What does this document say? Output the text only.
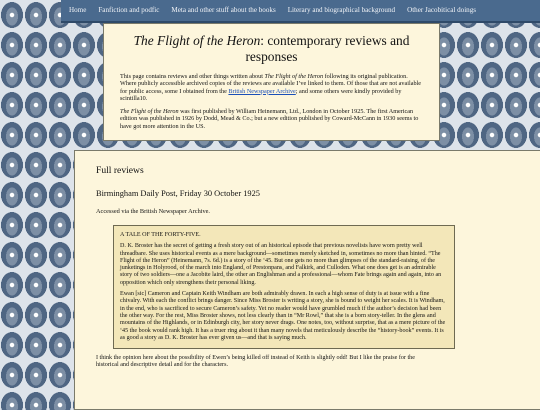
Home	Fanfiction and podfic	Meta and other stuff about the books	Literary and biographical background	Other Jacobitical doings
The Flight of the Heron: contemporary reviews and responses

This page contains reviews and other things written about The Flight of the Heron following its original publication. Where publicly accessible archived copies of the reviews are available I’ve linked to them. Of those that are not available for public access, some I obtained from the British Newspaper Archive; and some others were kindly provided by scintilla10.

The Flight of the Heron was first published by William Heinemann, Ltd., London in October 1925. The first American edition was published in 1926 by Dodd, Mead & Co.; but a new edition published by Coward-McCann in 1930 seems to have got more attention in the US.

Full reviews
Birmingham Daily Post, Friday 30 October 1925

Accessed via the British Newspaper Archive.

A TALE OF THE FORTY-FIVE.

D. K. Broster has the secret of getting a fresh story out of an historical episode that previous novelists have worn pretty well threadbare. She uses historical events as a mere background—sometimes merely sketched in, sometimes no more than hinted. “The Flight of the Heron” (Heinemann, 7s. 6d.) is a story of the ‘45. But one gets no more than glimpses of the standard-raising, of the junketings in Holyrood, of the march into England, of Prestonpans, and Falkirk, and Culloden. What one does get is an admirable story of two soldiers—one a Jacobite laird, the other an Englishman and a professional—whom Fate brings again and again, into an opposition which only strengthens their personal liking.

Ewan [sic] Cameron and Captain Keith Windham are both admirably drawn. In each a high sense of duty is at issue with a fine chivalry. With each the conflict brings danger. Since Miss Broster is writing a story, she is bound to weight her scales. It is Windham, in the end, who is sacrificed to secure Cameron’s safety. Yet no reader would have grumbled much if the author’s decision had been the other way. For the rest, Miss Broster shows, not less clearly than in “Mr Rowl,” that she is a born story-teller. In the glens and mountains of the Highlands, or in Edinburgh city, her story never drags. One notes, too, without surprise, that as a mere picture of the ‘45 the book would rank high. It has a truer ring about it than many novels that meticulously describe the “history-book” events. It is as good a story as D. K. Broster has ever given us—and that is saying much.

I think the opinion here about the possibility of Ewen’s being killed off instead of Keith is slightly odd! But I like the praise for the historical and descriptive detail and for the characters.
